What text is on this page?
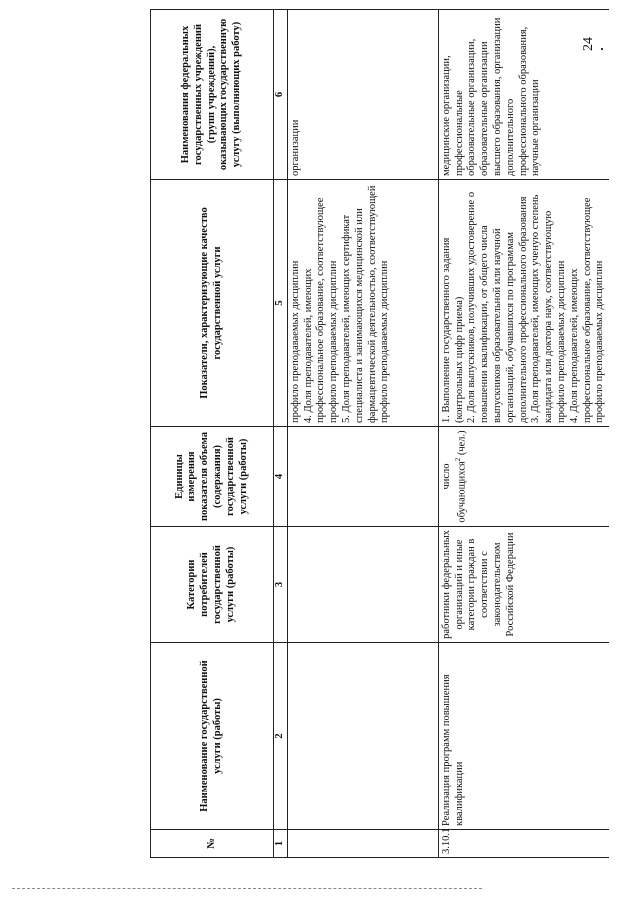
№	Наименование государственной услуги (работы)	Категории потребителей государственной услуги (работы)	Единицы измерения показателя объема (содержания) государственной услуги (работы)	Показатели, характеризующие качество государственной услуги	Наименования федеральных государственных учреждений (групп учреждений), оказывающих государственную услугу (выполняющих работу)
1	2	3	4	5	6
				профило преподаваемых дисциплин
4. Доля преподавателей, имеющих профессиональное образование, соответствующее профило преподаваемых дисциплин
5. Доля преподавателей, имеющих сертификат специалиста и занимающихся медицинской или фармацевтической деятельностью, соответствующей профило преподаваемых дисциплин	организации
3.10.1	Реализация программ повышения квалификации	работники федеральных организаций и иные категории граждан в соответствии с законодательством Российской Федерации	число обучающихся$^2$ (чел.)	1. Выполнение государственного задания (контрольных цифр приема)
2. Доля выпускников, получивших удостоверение о повышении квалификации, от общего числа выпускников образовательной или научной организаций, обучавшихся по программам дополнительного профессионального образования
3. Доля преподавателей, имеющих ученую степень кандидата или доктора наук, соответствующую профило преподаваемых дисциплин
4. Доля преподавателей, имеющих профессиональное образование, соответствующее профило преподаваемых дисциплин	медицинские организации, профессиональные образовательные организации, образовательные организации высшего образования, организации дополнительного профессионального образования, научные организации
24
